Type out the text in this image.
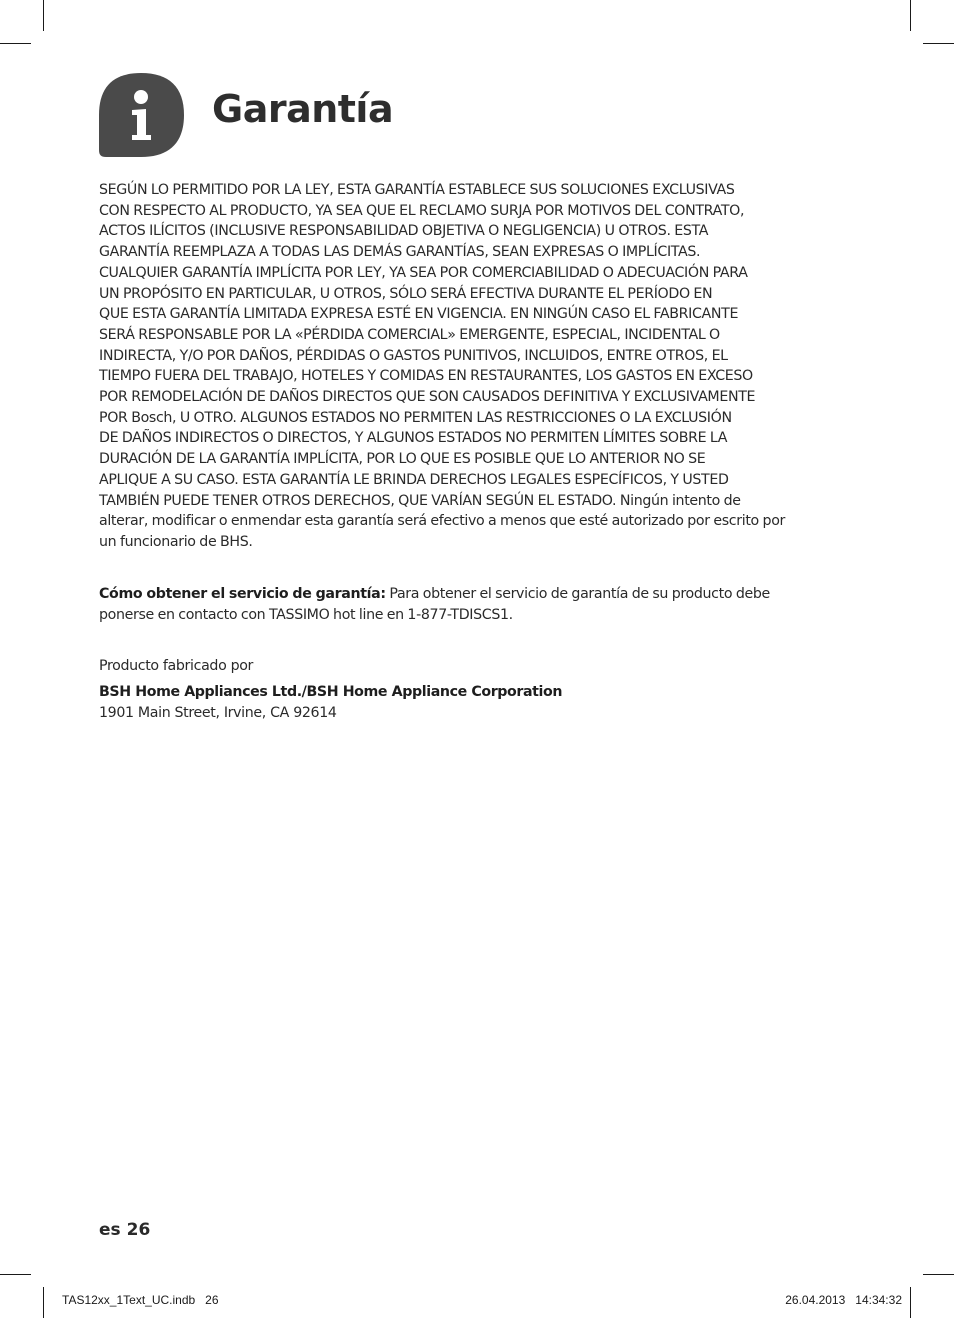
Garantía

SEGÚN LO PERMITIDO POR LA LEY, ESTA GARANTÍA ESTABLECE SUS SOLUCIONES EXCLUSIVAS
CON RESPECTO AL PRODUCTO, YA SEA QUE EL RECLAMO SURJA POR MOTIVOS DEL CONTRATO,
ACTOS ILÍCITOS (INCLUSIVE RESPONSABILIDAD OBJETIVA O NEGLIGENCIA) U OTROS. ESTA
GARANTÍA REEMPLAZA A TODAS LAS DEMÁS GARANTÍAS, SEAN EXPRESAS O IMPLÍCITAS.
CUALQUIER GARANTÍA IMPLÍCITA POR LEY, YA SEA POR COMERCIABILIDAD O ADECUACIÓN PARA
UN PROPÓSITO EN PARTICULAR, U OTROS, SÓLO SERÁ EFECTIVA DURANTE EL PERÍODO EN
QUE ESTA GARANTÍA LIMITADA EXPRESA ESTÉ EN VIGENCIA. EN NINGÚN CASO EL FABRICANTE
SERÁ RESPONSABLE POR LA «PÉRDIDA COMERCIAL» EMERGENTE, ESPECIAL, INCIDENTAL O
INDIRECTA, Y/O POR DAÑOS, PÉRDIDAS O GASTOS PUNITIVOS, INCLUIDOS, ENTRE OTROS, EL
TIEMPO FUERA DEL TRABAJO, HOTELES Y COMIDAS EN RESTAURANTES, LOS GASTOS EN EXCESO
POR REMODELACIÓN DE DAÑOS DIRECTOS QUE SON CAUSADOS DEFINITIVA Y EXCLUSIVAMENTE
POR Bosch, U OTRO. ALGUNOS ESTADOS NO PERMITEN LAS RESTRICCIONES O LA EXCLUSIÓN
DE DAÑOS INDIRECTOS O DIRECTOS, Y ALGUNOS ESTADOS NO PERMITEN LÍMITES SOBRE LA
DURACIÓN DE LA GARANTÍA IMPLÍCITA, POR LO QUE ES POSIBLE QUE LO ANTERIOR NO SE
APLIQUE A SU CASO. ESTA GARANTÍA LE BRINDA DERECHOS LEGALES ESPECÍFICOS, Y USTED
TAMBIÉN PUEDE TENER OTROS DERECHOS, QUE VARÍAN SEGÚN EL ESTADO. Ningún intento de
alterar, modificar o enmendar esta garantía será efectivo a menos que esté autorizado por escrito por
un funcionario de BHS.

Cómo obtener el servicio de garantía: Para obtener el servicio de garantía de su producto debe
ponerse en contacto con TASSIMO hot line en 1-877-TDISCS1.

Producto fabricado por
BSH Home Appliances Ltd./BSH Home Appliance Corporation
1901 Main Street, Irvine, CA 92614
es 26
TAS12xx_1Text_UC.indb   26	26.04.2013   14:34:32
